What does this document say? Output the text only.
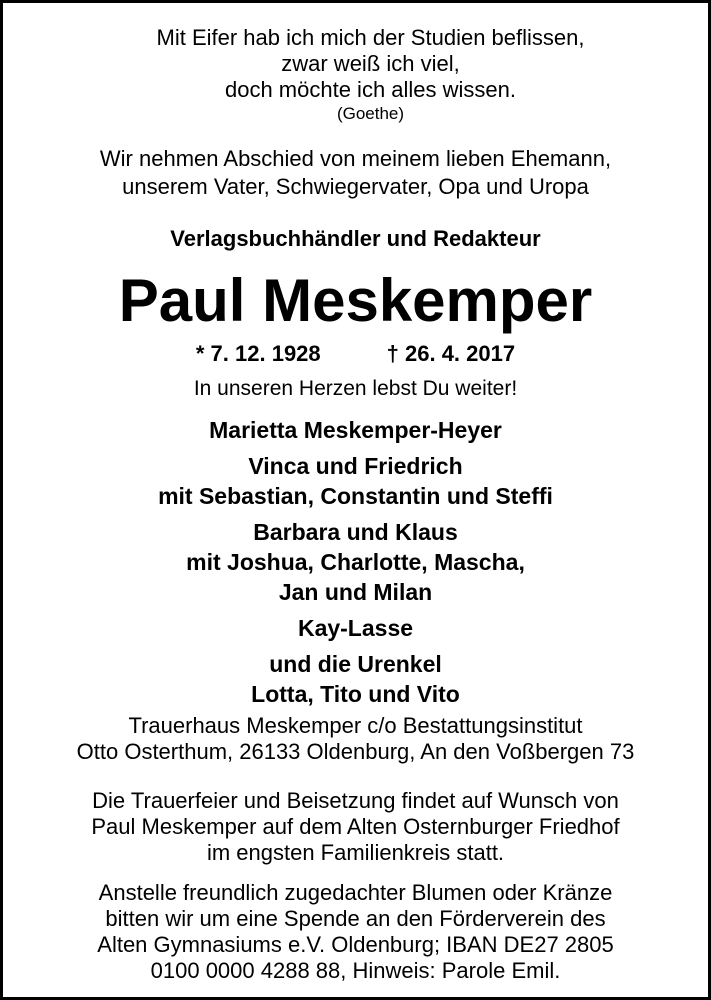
Mit Eifer hab ich mich der Studien beflissen,
zwar weiß ich viel,
doch möchte ich alles wissen.
(Goethe)
Wir nehmen Abschied von meinem lieben Ehemann,
unserem Vater, Schwiegervater, Opa und Uropa
Verlagsbuchhändler und Redakteur
Paul Meskemper
* 7. 12. 1928	† 26. 4. 2017
In unseren Herzen lebst Du weiter!
Marietta Meskemper-Heyer
Vinca und Friedrich
mit Sebastian, Constantin und Steffi
Barbara und Klaus
mit Joshua, Charlotte, Mascha,
Jan und Milan
Kay-Lasse
und die Urenkel
Lotta, Tito und Vito
Trauerhaus Meskemper c/o Bestattungsinstitut
Otto Osterthum, 26133 Oldenburg, An den Voßbergen 73
Die Trauerfeier und Beisetzung findet auf Wunsch von
Paul Meskemper auf dem Alten Osternburger Friedhof
im engsten Familienkreis statt.
Anstelle freundlich zugedachter Blumen oder Kränze
bitten wir um eine Spende an den Förderverein des
Alten Gymnasiums e.V. Oldenburg; IBAN DE27 2805
0100 0000 4288 88, Hinweis: Parole Emil.
